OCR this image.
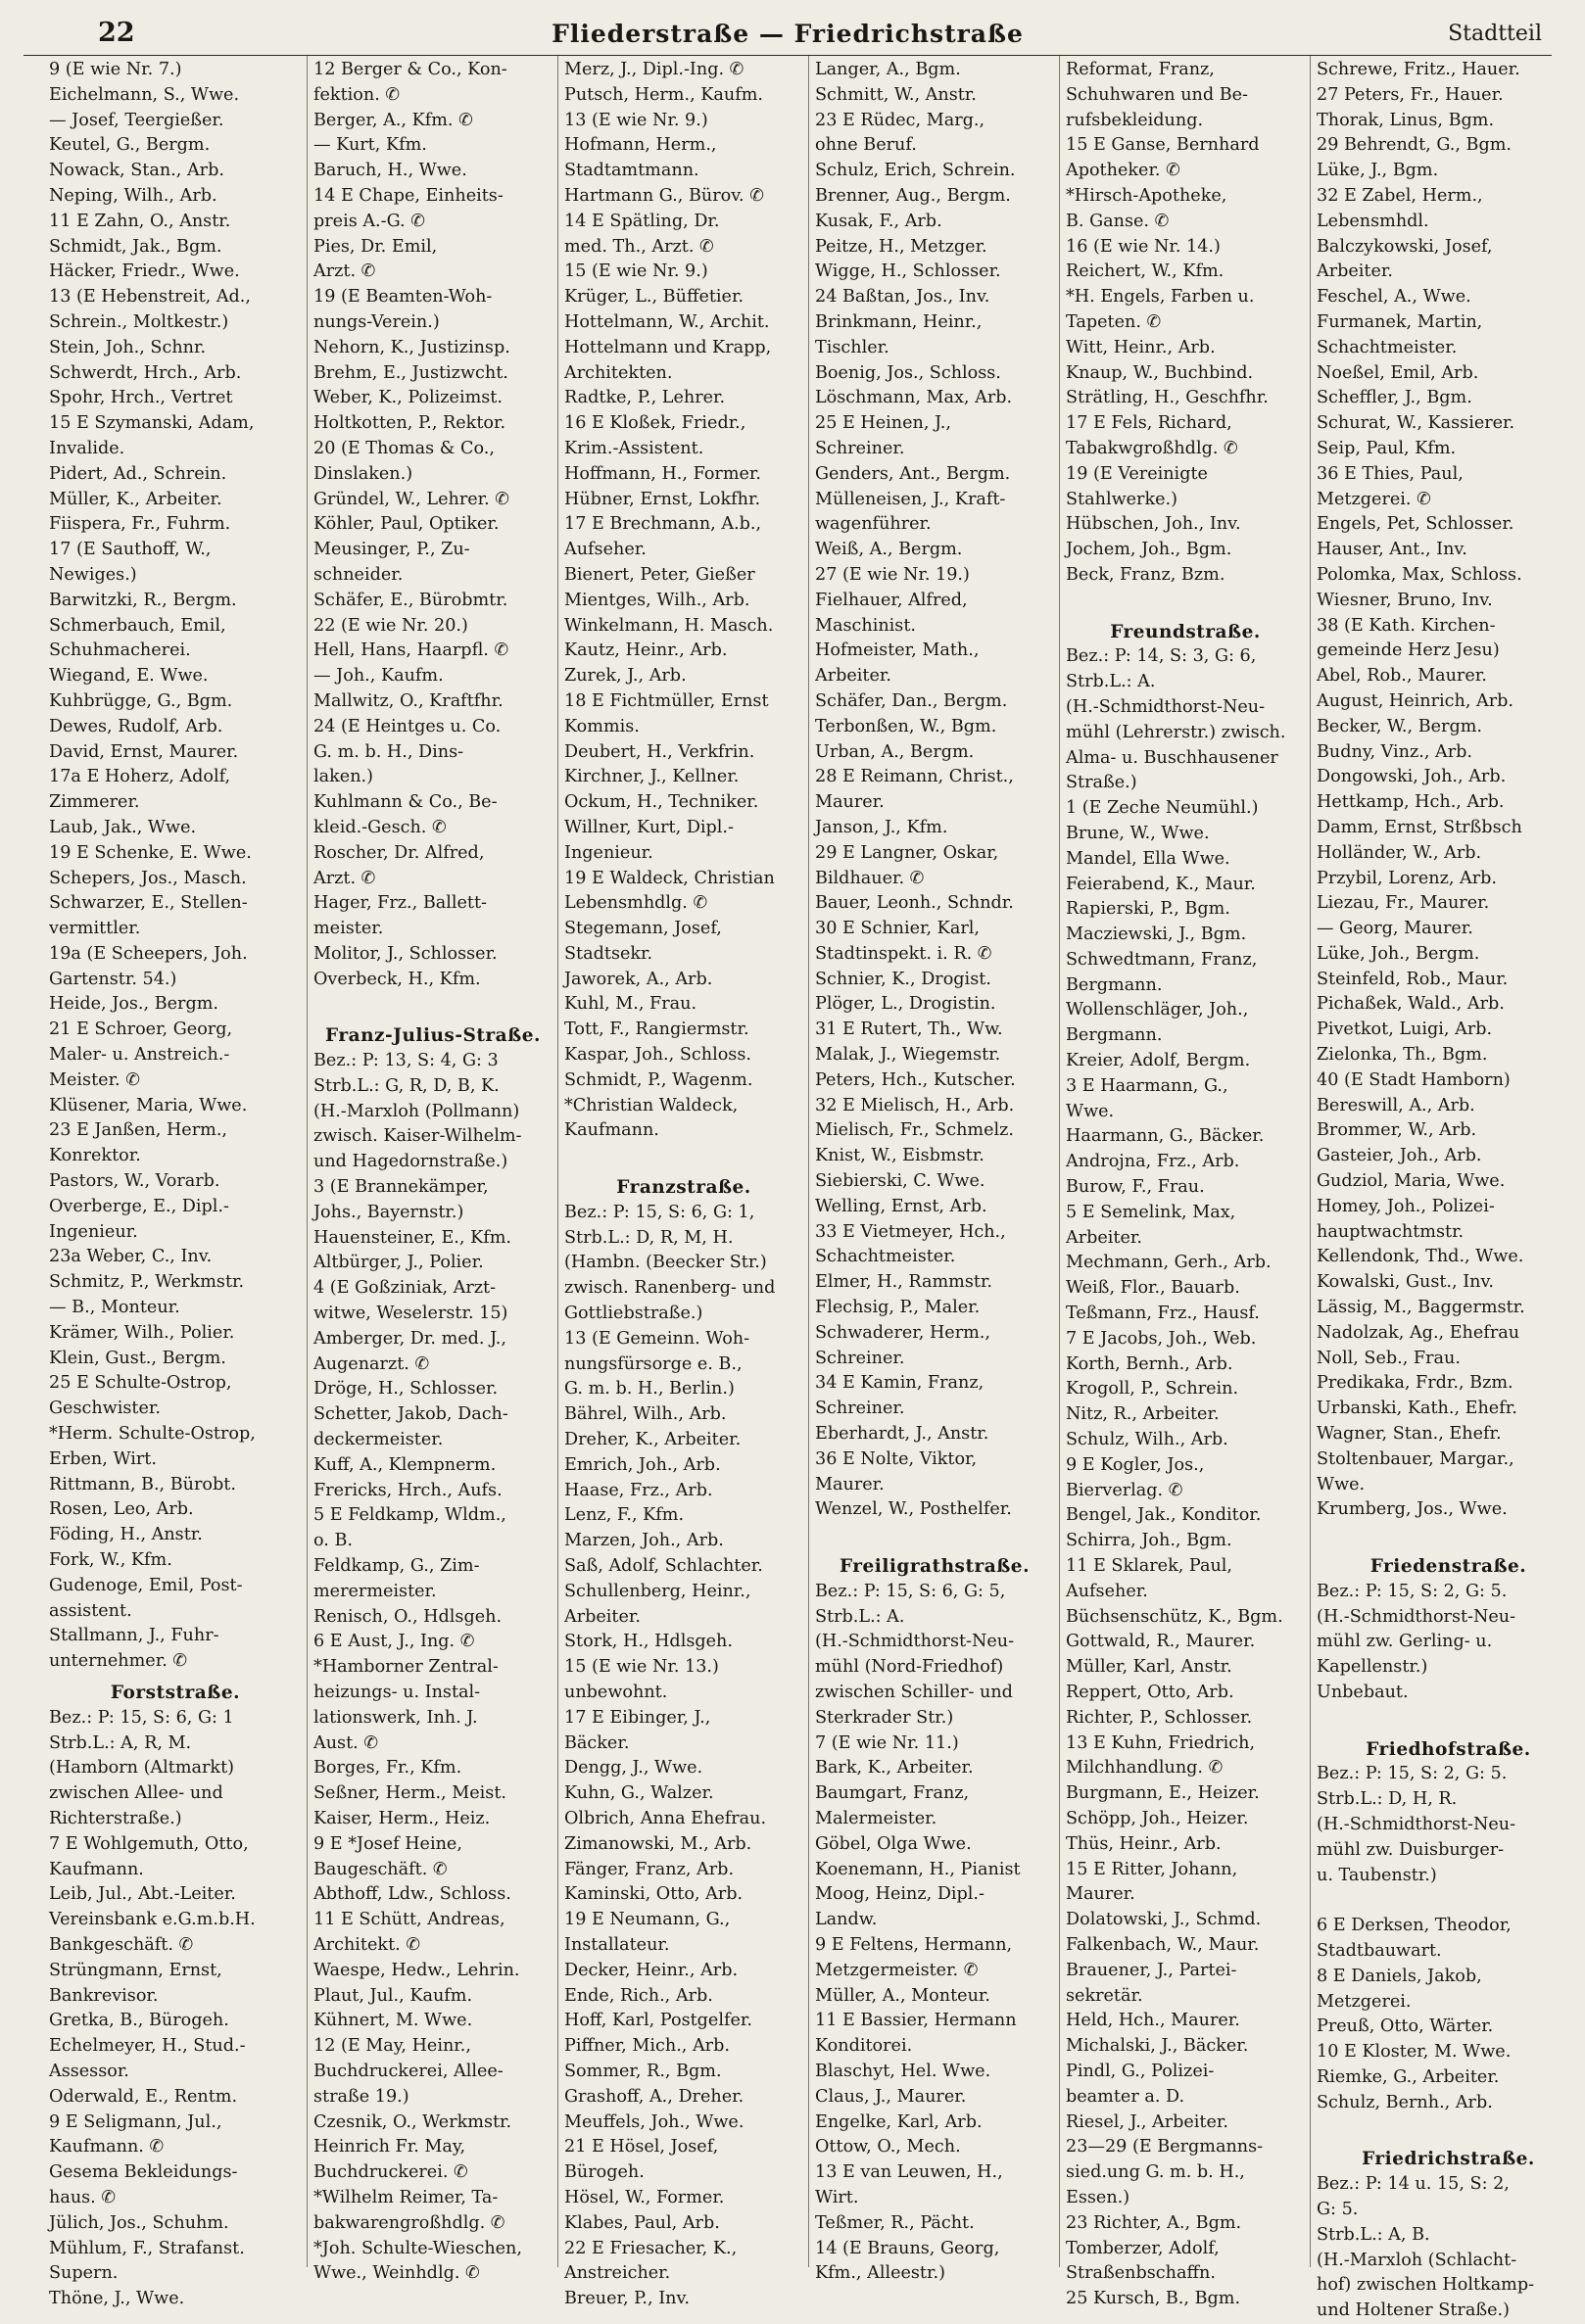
22	Fliederstraße — Friedrichstraße	Stadtteil
9 (E wie Nr. 7.)
Eichelmann, S., Wwe.
— Josef, Teergießer.
Keutel, G., Bergm.
Nowack, Stan., Arb.
Neping, Wilh., Arb.
11 E Zahn, O., Anstr.
Schmidt, Jak., Bgm.
Häcker, Friedr., Wwe.
13 (E Hebenstreit, Ad.,
Schrein., Moltkestr.)
Stein, Joh., Schnr.
Schwerdt, Hrch., Arb.
Spohr, Hrch., Vertret
15 E Szymanski, Adam,
Invalide.
Pidert, Ad., Schrein.
Müller, K., Arbeiter.
Fiispera, Fr., Fuhrm.
17 (E Sauthoff, W.,
Newiges.)
Barwitzki, R., Bergm.
Schmerbauch, Emil,
Schuhmacherei.
Wiegand, E. Wwe.
Kuhbrügge, G., Bgm.
Dewes, Rudolf, Arb.
David, Ernst, Maurer.
17a E Hoherz, Adolf,
Zimmerer.
Laub, Jak., Wwe.
19 E Schenke, E. Wwe.
Schepers, Jos., Masch.
Schwarzer, E., Stellen-
vermittler.
19a (E Scheepers, Joh.
Gartenstr. 54.)
Heide, Jos., Bergm.
21 E Schroer, Georg,
Maler- u. Anstreich.-
Meister. ✆
Klüsener, Maria, Wwe.
23 E Janßen, Herm.,
Konrektor.
Pastors, W., Vorarb.
Overberge, E., Dipl.-
Ingenieur.
23a Weber, C., Inv.
Schmitz, P., Werkmstr.
— B., Monteur.
Krämer, Wilh., Polier.
Klein, Gust., Bergm.
25 E Schulte-Ostrop,
Geschwister.
*Herm. Schulte-Ostrop,
Erben, Wirt.
Rittmann, B., Bürobt.
Rosen, Leo, Arb.
Föding, H., Anstr.
Fork, W., Kfm.
Gudenoge, Emil, Post-
assistent.
Stallmann, J., Fuhr-
unternehmer. ✆
Forststraße.
Bez.: P: 15, S: 6, G: 1
Strb.L.: A, R, M.
(Hamborn (Altmarkt)
zwischen Allee- und
Richterstraße.)
7 E Wohlgemuth, Otto,
Kaufmann.
Leib, Jul., Abt.-Leiter.
Vereinsbank e.G.m.b.H.
Bankgeschäft. ✆
Strüngmann, Ernst,
Bankrevisor.
Gretka, B., Bürogeh.
Echelmeyer, H., Stud.-
Assessor.
Oderwald, E., Rentm.
9 E Seligmann, Jul.,
Kaufmann. ✆
Gesema Bekleidungs-
haus. ✆
Jülich, Jos., Schuhm.
Mühlum, F., Strafanst.
Supern.
Thöne, J., Wwe.
12 Berger & Co., Kon-
fektion. ✆
Berger, A., Kfm. ✆
— Kurt, Kfm.
Baruch, H., Wwe.
14 E Chape, Einheits-
preis A.-G. ✆
Pies, Dr. Emil,
Arzt. ✆
19 (E Beamten-Woh-
nungs-Verein.)
Nehorn, K., Justizinsp.
Brehm, E., Justizwcht.
Weber, K., Polizeimst.
Holtkotten, P., Rektor.
20 (E Thomas & Co.,
Dinslaken.)
Gründel, W., Lehrer. ✆
Köhler, Paul, Optiker.
Meusinger, P., Zu-
schneider.
Schäfer, E., Bürobmtr.
22 (E wie Nr. 20.)
Hell, Hans, Haarpfl. ✆
— Joh., Kaufm.
Mallwitz, O., Kraftfhr.
24 (E Heintges u. Co.
G. m. b. H., Dins-
laken.)
Kuhlmann & Co., Be-
kleid.-Gesch. ✆
Roscher, Dr. Alfred,
Arzt. ✆
Hager, Frz., Ballett-
meister.
Molitor, J., Schlosser.
Overbeck, H., Kfm.

Franz-Julius-Straße.
Bez.: P: 13, S: 4, G: 3
Strb.L.: G, R, D, B, K.
(H.-Marxloh (Pollmann)
zwisch. Kaiser-Wilhelm-
und Hagedornstraße.)
3 (E Brannekämper,
Johs., Bayernstr.)
Hauensteiner, E., Kfm.
Altbürger, J., Polier.
4 (E Goßziniak, Arzt-
witwe, Weselerstr. 15)
Amberger, Dr. med. J.,
Augenarzt. ✆
Dröge, H., Schlosser.
Schetter, Jakob, Dach-
deckermeister.
Kuff, A., Klempnerm.
Frericks, Hrch., Aufs.
5 E Feldkamp, Wldm.,
o. B.
Feldkamp, G., Zim-
merermeister.
Renisch, O., Hdlsgeh.
6 E Aust, J., Ing. ✆
*Hamborner Zentral-
heizungs- u. Instal-
lationswerk, Inh. J.
Aust. ✆
Borges, Fr., Kfm.
Seßner, Herm., Meist.
Kaiser, Herm., Heiz.
9 E *Josef Heine,
Baugeschäft. ✆
Abthoff, Ldw., Schloss.
11 E Schütt, Andreas,
Architekt. ✆
Waespe, Hedw., Lehrin.
Plaut, Jul., Kaufm.
Kühnert, M. Wwe.
12 (E May, Heinr.,
Buchdruckerei, Allee-
straße 19.)
Czesnik, O., Werkmstr.
Heinrich Fr. May,
Buchdruckerei. ✆
*Wilhelm Reimer, Ta-
bakwarengroßhdlg. ✆
*Joh. Schulte-Wieschen,
Wwe., Weinhdlg. ✆
Merz, J., Dipl.-Ing. ✆
Putsch, Herm., Kaufm.
13 (E wie Nr. 9.)
Hofmann, Herm.,
Stadtamtmann.
Hartmann G., Bürov. ✆
14 E Spätling, Dr.
med. Th., Arzt. ✆
15 (E wie Nr. 9.)
Krüger, L., Büffetier.
Hottelmann, W., Archit.
Hottelmann und Krapp,
Architekten.
Radtke, P., Lehrer.
16 E Kloßek, Friedr.,
Krim.-Assistent.
Hoffmann, H., Former.
Hübner, Ernst, Lokfhr.
17 E Brechmann, A.b.,
Aufseher.
Bienert, Peter, Gießer
Mientges, Wilh., Arb.
Winkelmann, H. Masch.
Kautz, Heinr., Arb.
Zurek, J., Arb.
18 E Fichtmüller, Ernst
Kommis.
Deubert, H., Verkfrin.
Kirchner, J., Kellner.
Ockum, H., Techniker.
Willner, Kurt, Dipl.-
Ingenieur.
19 E Waldeck, Christian
Lebensmhdlg. ✆
Stegemann, Josef,
Stadtsekr.
Jaworek, A., Arb.
Kuhl, M., Frau.
Tott, F., Rangiermstr.
Kaspar, Joh., Schloss.
Schmidt, P., Wagenm.
*Christian Waldeck,
Kaufmann.

Franzstraße.
Bez.: P: 15, S: 6, G: 1,
Strb.L.: D, R, M, H.
(Hambn. (Beecker Str.)
zwisch. Ranenberg- und
Gottliebstraße.)
13 (E Gemeinn. Woh-
nungsfürsorge e. B.,
G. m. b. H., Berlin.)
Bährel, Wilh., Arb.
Dreher, K., Arbeiter.
Emrich, Joh., Arb.
Haase, Frz., Arb.
Lenz, F., Kfm.
Marzen, Joh., Arb.
Saß, Adolf, Schlachter.
Schullenberg, Heinr.,
Arbeiter.
Stork, H., Hdlsgeh.
15 (E wie Nr. 13.)
unbewohnt.
17 E Eibinger, J.,
Bäcker.
Dengg, J., Wwe.
Kuhn, G., Walzer.
Olbrich, Anna Ehefrau.
Zimanowski, M., Arb.
Fänger, Franz, Arb.
Kaminski, Otto, Arb.
19 E Neumann, G.,
Installateur.
Decker, Heinr., Arb.
Ende, Rich., Arb.
Hoff, Karl, Postgelfer.
Piffner, Mich., Arb.
Sommer, R., Bgm.
Grashoff, A., Dreher.
Meuffels, Joh., Wwe.
21 E Hösel, Josef,
Bürogeh.
Hösel, W., Former.
Klabes, Paul, Arb.
22 E Friesacher, K.,
Anstreicher.
Breuer, P., Inv.
Langer, A., Bgm.
Schmitt, W., Anstr.
23 E Rüdec, Marg.,
ohne Beruf.
Schulz, Erich, Schrein.
Brenner, Aug., Bergm.
Kusak, F., Arb.
Peitze, H., Metzger.
Wigge, H., Schlosser.
24 Baßtan, Jos., Inv.
Brinkmann, Heinr.,
Tischler.
Boenig, Jos., Schloss.
Löschmann, Max, Arb.
25 E Heinen, J.,
Schreiner.
Genders, Ant., Bergm.
Mülleneisen, J., Kraft-
wagenführer.
Weiß, A., Bergm.
27 (E wie Nr. 19.)
Fielhauer, Alfred,
Maschinist.
Hofmeister, Math.,
Arbeiter.
Schäfer, Dan., Bergm.
Terbonßen, W., Bgm.
Urban, A., Bergm.
28 E Reimann, Christ.,
Maurer.
Janson, J., Kfm.
29 E Langner, Oskar,
Bildhauer. ✆
Bauer, Leonh., Schndr.
30 E Schnier, Karl,
Stadtinspekt. i. R. ✆
Schnier, K., Drogist.
Plöger, L., Drogistin.
31 E Rutert, Th., Ww.
Malak, J., Wiegemstr.
Peters, Hch., Kutscher.
32 E Mielisch, H., Arb.
Mielisch, Fr., Schmelz.
Knist, W., Eisbmstr.
Siebierski, C. Wwe.
Welling, Ernst, Arb.
33 E Vietmeyer, Hch.,
Schachtmeister.
Elmer, H., Rammstr.
Flechsig, P., Maler.
Schwaderer, Herm.,
Schreiner.
34 E Kamin, Franz,
Schreiner.
Eberhardt, J., Anstr.
36 E Nolte, Viktor,
Maurer.
Wenzel, W., Posthelfer.

Freiligrathstraße.
Bez.: P: 15, S: 6, G: 5,
Strb.L.: A.
(H.-Schmidthorst-Neu-
mühl (Nord-Friedhof)
zwischen Schiller- und
Sterkrader Str.)
7 (E wie Nr. 11.)
Bark, K., Arbeiter.
Baumgart, Franz,
Malermeister.
Göbel, Olga Wwe.
Koenemann, H., Pianist
Moog, Heinz, Dipl.-
Landw.
9 E Feltens, Hermann,
Metzgermeister. ✆
Müller, A., Monteur.
11 E Bassier, Hermann
Konditorei.
Blaschyt, Hel. Wwe.
Claus, J., Maurer.
Engelke, Karl, Arb.
Ottow, O., Mech.
13 E van Leuwen, H.,
Wirt.
Teßmer, R., Pächt.
14 (E Brauns, Georg,
Kfm., Alleestr.)
Reformat, Franz,
Schuhwaren und Be-
rufsbekleidung.
15 E Ganse, Bernhard
Apotheker. ✆
*Hirsch-Apotheke,
B. Ganse. ✆
16 (E wie Nr. 14.)
Reichert, W., Kfm.
*H. Engels, Farben u.
Tapeten. ✆
Witt, Heinr., Arb.
Knaup, W., Buchbind.
Strätling, H., Geschfhr.
17 E Fels, Richard,
Tabakwgroßhdlg. ✆
19 (E Vereinigte
Stahlwerke.)
Hübschen, Joh., Inv.
Jochem, Joh., Bgm.
Beck, Franz, Bzm.

Freundstraße.
Bez.: P: 14, S: 3, G: 6,
Strb.L.: A.
(H.-Schmidthorst-Neu-
mühl (Lehrerstr.) zwisch.
Alma- u. Buschhausener
Straße.)
1 (E Zeche Neumühl.)
Brune, W., Wwe.
Mandel, Ella Wwe.
Feierabend, K., Maur.
Rapierski, P., Bgm.
Macziewski, J., Bgm.
Schwedtmann, Franz,
Bergmann.
Wollenschläger, Joh.,
Bergmann.
Kreier, Adolf, Bergm.
3 E Haarmann, G.,
Wwe.
Haarmann, G., Bäcker.
Androjna, Frz., Arb.
Burow, F., Frau.
5 E Semelink, Max,
Arbeiter.
Mechmann, Gerh., Arb.
Weiß, Flor., Bauarb.
Teßmann, Frz., Hausf.
7 E Jacobs, Joh., Web.
Korth, Bernh., Arb.
Krogoll, P., Schrein.
Nitz, R., Arbeiter.
Schulz, Wilh., Arb.
9 E Kogler, Jos.,
Bierverlag. ✆
Bengel, Jak., Konditor.
Schirra, Joh., Bgm.
11 E Sklarek, Paul,
Aufseher.
Büchsenschütz, K., Bgm.
Gottwald, R., Maurer.
Müller, Karl, Anstr.
Reppert, Otto, Arb.
Richter, P., Schlosser.
13 E Kuhn, Friedrich,
Milchhandlung. ✆
Burgmann, E., Heizer.
Schöpp, Joh., Heizer.
Thüs, Heinr., Arb.
15 E Ritter, Johann,
Maurer.
Dolatowski, J., Schmd.
Falkenbach, W., Maur.
Brauener, J., Partei-
sekretär.
Held, Hch., Maurer.
Michalski, J., Bäcker.
Pindl, G., Polizei-
beamter a. D.
Riesel, J., Arbeiter.
23—29 (E Bergmanns-
sied.ung G. m. b. H.,
Essen.)
23 Richter, A., Bgm.
Tomberzer, Adolf,
Straßenbschaffn.
25 Kursch, B., Bgm.
Schrewe, Fritz., Hauer.
27 Peters, Fr., Hauer.
Thorak, Linus, Bgm.
29 Behrendt, G., Bgm.
Lüke, J., Bgm.
32 E Zabel, Herm.,
Lebensmhdl.
Balczykowski, Josef,
Arbeiter.
Feschel, A., Wwe.
Furmanek, Martin,
Schachtmeister.
Noeßel, Emil, Arb.
Scheffler, J., Bgm.
Schurat, W., Kassierer.
Seip, Paul, Kfm.
36 E Thies, Paul,
Metzgerei. ✆
Engels, Pet, Schlosser.
Hauser, Ant., Inv.
Polomka, Max, Schloss.
Wiesner, Bruno, Inv.
38 (E Kath. Kirchen-
gemeinde Herz Jesu)
Abel, Rob., Maurer.
August, Heinrich, Arb.
Becker, W., Bergm.
Budny, Vinz., Arb.
Dongowski, Joh., Arb.
Hettkamp, Hch., Arb.
Damm, Ernst, Strßbsch
Holländer, W., Arb.
Przybil, Lorenz, Arb.
Liezau, Fr., Maurer.
— Georg, Maurer.
Lüke, Joh., Bergm.
Steinfeld, Rob., Maur.
Pichaßek, Wald., Arb.
Pivetkot, Luigi, Arb.
Zielonka, Th., Bgm.
40 (E Stadt Hamborn)
Bereswill, A., Arb.
Brommer, W., Arb.
Gasteier, Joh., Arb.
Gudziol, Maria, Wwe.
Homey, Joh., Polizei-
hauptwachtmstr.
Kellendonk, Thd., Wwe.
Kowalski, Gust., Inv.
Lässig, M., Baggermstr.
Nadolzak, Ag., Ehefrau
Noll, Seb., Frau.
Predikaka, Frdr., Bzm.
Urbanski, Kath., Ehefr.
Wagner, Stan., Ehefr.
Stoltenbauer, Margar.,
Wwe.
Krumberg, Jos., Wwe.

Friedenstraße.
Bez.: P: 15, S: 2, G: 5.
(H.-Schmidthorst-Neu-
mühl zw. Gerling- u.
Kapellenstr.)
Unbebaut.

Friedhofstraße.
Bez.: P: 15, S: 2, G: 5.
Strb.L.: D, H, R.
(H.-Schmidthorst-Neu-
mühl zw. Duisburger-
u. Taubenstr.)

6 E Derksen, Theodor,
Stadtbauwart.
8 E Daniels, Jakob,
Metzgerei.
Preuß, Otto, Wärter.
10 E Kloster, M. Wwe.
Riemke, G., Arbeiter.
Schulz, Bernh., Arb.

Friedrichstraße.
Bez.: P: 14 u. 15, S: 2,
G: 5.
Strb.L.: A, B.
(H.-Marxloh (Schlacht-
hof) zwischen Holtkamp-
und Holtener Straße.)
